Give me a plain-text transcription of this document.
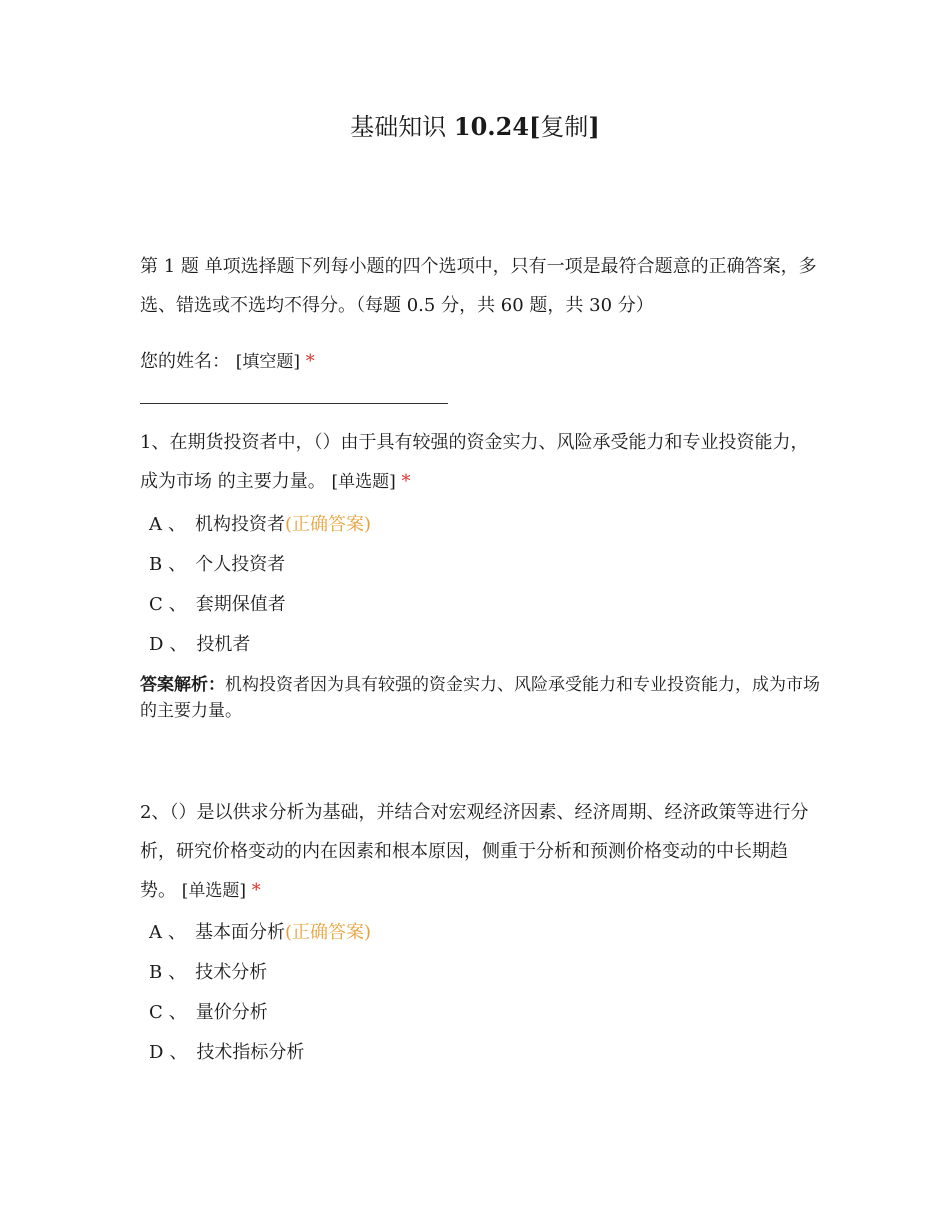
基础知识 10.24[复制]
第 1 题 单项选择题下列每小题的四个选项中，只有一项是最符合题意的正确答案，多选、错选或不选均不得分。（每题 0.5 分，共 60 题，共 30 分）
您的姓名： [填空题] *
1、在期货投资者中，（）由于具有较强的资金实力、风险承受能力和专业投资能力，成为市场 的主要力量。 [单选题] *
A 、 机构投资者(正确答案)
B 、 个人投资者
C 、 套期保值者
D 、 投机者
答案解析：机构投资者因为具有较强的资金实力、风险承受能力和专业投资能力，成为市场的主要力量。
2、（）是以供求分析为基础，并结合对宏观经济因素、经济周期、经济政策等进行分析，研究价格变动的内在因素和根本原因，侧重于分析和预测价格变动的中长期趋势。 [单选题] *
A 、 基本面分析(正确答案)
B 、 技术分析
C 、 量价分析
D 、 技术指标分析
